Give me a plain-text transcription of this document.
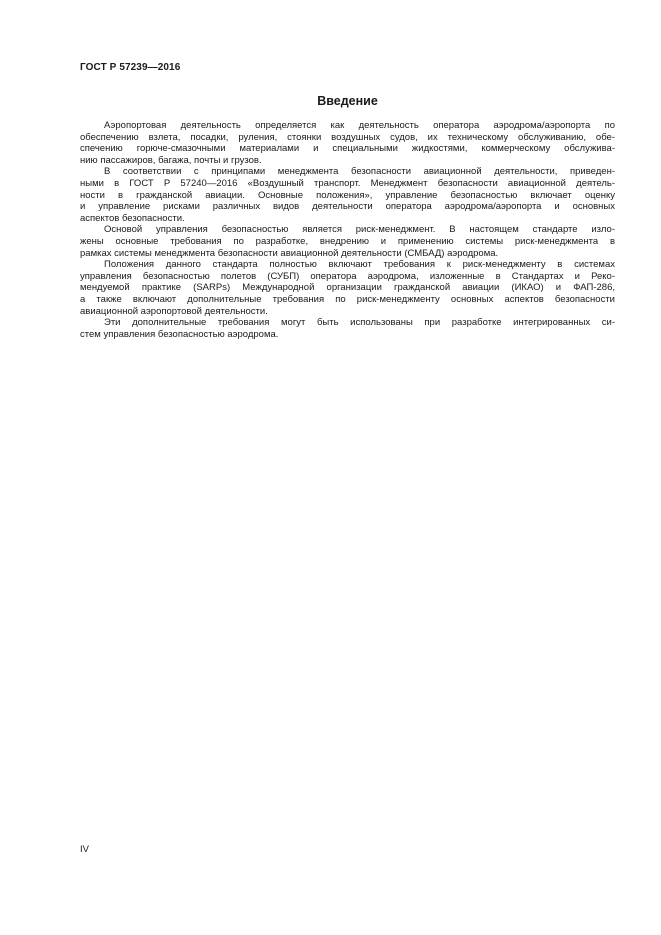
ГОСТ Р 57239—2016
Введение
Аэропортовая деятельность определяется как деятельность оператора аэродрома/аэропорта по
обеспечению взлета, посадки, руления, стоянки воздушных судов, их техническому обслуживанию, обе-
спечению горюче-смазочными материалами и специальными жидкостями, коммерческому обслужива-
нию пассажиров, багажа, почты и грузов.
В соответствии с принципами менеджмента безопасности авиационной деятельности, приведен-
ными в ГОСТ Р 57240—2016 «Воздушный транспорт. Менеджмент безопасности авиационной деятель-
ности в гражданской авиации. Основные положения», управление безопасностью включает оценку
и управление рисками различных видов деятельности оператора аэродрома/аэропорта и основных
аспектов безопасности.
Основой управления безопасностью является риск-менеджмент. В настоящем стандарте изло-
жены основные требования по разработке, внедрению и применению системы риск-менеджмента в
рамках системы менеджмента безопасности авиационной деятельности (СМБАД) аэродрома.
Положения данного стандарта полностью включают требования к риск-менеджменту в системах
управления безопасностью полетов (СУБП) оператора аэродрома, изложенные в Стандартах и Реко-
мендуемой практике (SARPs) Международной организации гражданской авиации (ИКАО) и ФАП-286,
а также включают дополнительные требования по риск-менеджменту основных аспектов безопасности
авиационной аэропортовой деятельности.
Эти дополнительные требования могут быть использованы при разработке интегрированных си-
стем управления безопасностью аэродрома.
IV
